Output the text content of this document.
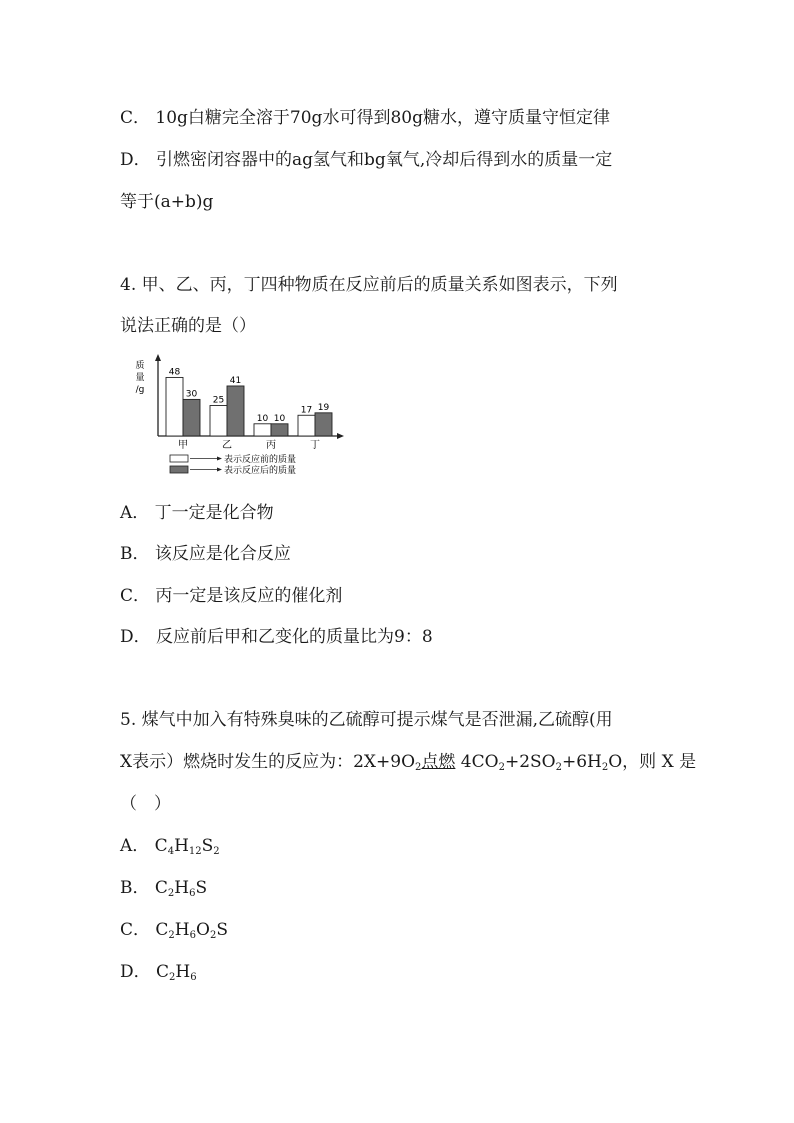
C． 10g白糖完全溶于70g水可得到80g糖水，遵守质量守恒定律
D． 引燃密闭容器中的ag氢气和bg氧气,冷却后得到水的质量一定
等于(a+b)g
4. 甲、乙、丙，丁四种物质在反应前后的质量关系如图表示，下列
说法正确的是（）
质
量
/g
48
30
甲
25
41
乙
10 10
丙
17 19
丁
表示反应前的质量
表示反应后的质量
A． 丁一定是化合物
B． 该反应是化合反应
C． 丙一定是该反应的催化剂
D． 反应前后甲和乙变化的质量比为9：8
5. 煤气中加入有特殊臭味的乙硫醇可提示煤气是否泄漏,乙硫醇(用
X表示）燃烧时发生的反应为：$2X+9O_2$点燃 $4CO_2+2SO_2+6H_2O$，则 X 是
（　）
A． $C_4H_{12}S_2$
B． $C_2H_6S$
C． $C_2H_6O_2S$
D． $C_2H_6$
